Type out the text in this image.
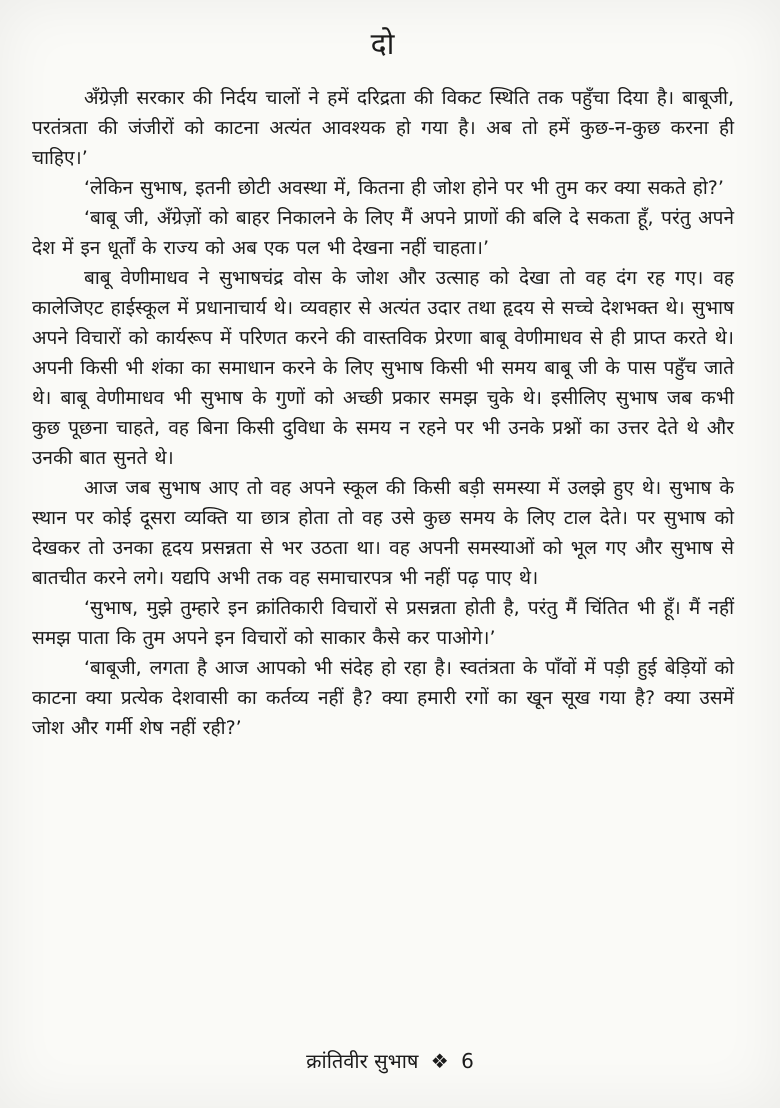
दो

अँग्रेज़ी सरकार की निर्दय चालों ने हमें दरिद्रता की विकट स्थिति तक पहुँचा दिया है। बाबूजी, परतंत्रता की जंजीरों को काटना अत्यंत आवश्यक हो गया है। अब तो हमें कुछ-न-कुछ करना ही चाहिए।’

‘लेकिन सुभाष, इतनी छोटी अवस्था में, कितना ही जोश होने पर भी तुम कर क्या सकते हो?’

‘बाबू जी, अँग्रेज़ों को बाहर निकालने के लिए मैं अपने प्राणों की बलि दे सकता हूँ, परंतु अपने देश में इन धूर्तों के राज्य को अब एक पल भी देखना नहीं चाहता।’

बाबू वेणीमाधव ने सुभाषचंद्र वोस के जोश और उत्साह को देखा तो वह दंग रह गए। वह कालेजिएट हाईस्कूल में प्रधानाचार्य थे। व्यवहार से अत्यंत उदार तथा हृदय से सच्चे देशभक्त थे। सुभाष अपने विचारों को कार्यरूप में परिणत करने की वास्तविक प्रेरणा बाबू वेणीमाधव से ही प्राप्त करते थे। अपनी किसी भी शंका का समाधान करने के लिए सुभाष किसी भी समय बाबू जी के पास पहुँच जाते थे। बाबू वेणीमाधव भी सुभाष के गुणों को अच्छी प्रकार समझ चुके थे। इसीलिए सुभाष जब कभी कुछ पूछना चाहते, वह बिना किसी दुविधा के समय न रहने पर भी उनके प्रश्नों का उत्तर देते थे और उनकी बात सुनते थे।

आज जब सुभाष आए तो वह अपने स्कूल की किसी बड़ी समस्या में उलझे हुए थे। सुभाष के स्थान पर कोई दूसरा व्यक्ति या छात्र होता तो वह उसे कुछ समय के लिए टाल देते। पर सुभाष को देखकर तो उनका हृदय प्रसन्नता से भर उठता था। वह अपनी समस्याओं को भूल गए और सुभाष से बातचीत करने लगे। यद्यपि अभी तक वह समाचारपत्र भी नहीं पढ़ पाए थे।

‘सुभाष, मुझे तुम्हारे इन क्रांतिकारी विचारों से प्रसन्नता होती है, परंतु मैं चिंतित भी हूँ। मैं नहीं समझ पाता कि तुम अपने इन विचारों को साकार कैसे कर पाओगे।’

‘बाबूजी, लगता है आज आपको भी संदेह हो रहा है। स्वतंत्रता के पाँवों में पड़ी हुई बेड़ियों को काटना क्या प्रत्येक देशवासी का कर्तव्य नहीं है? क्या हमारी रगों का खून सूख गया है? क्या उसमें जोश और गर्मी शेष नहीं रही?’

क्रांतिवीर सुभाष ❖ 6
